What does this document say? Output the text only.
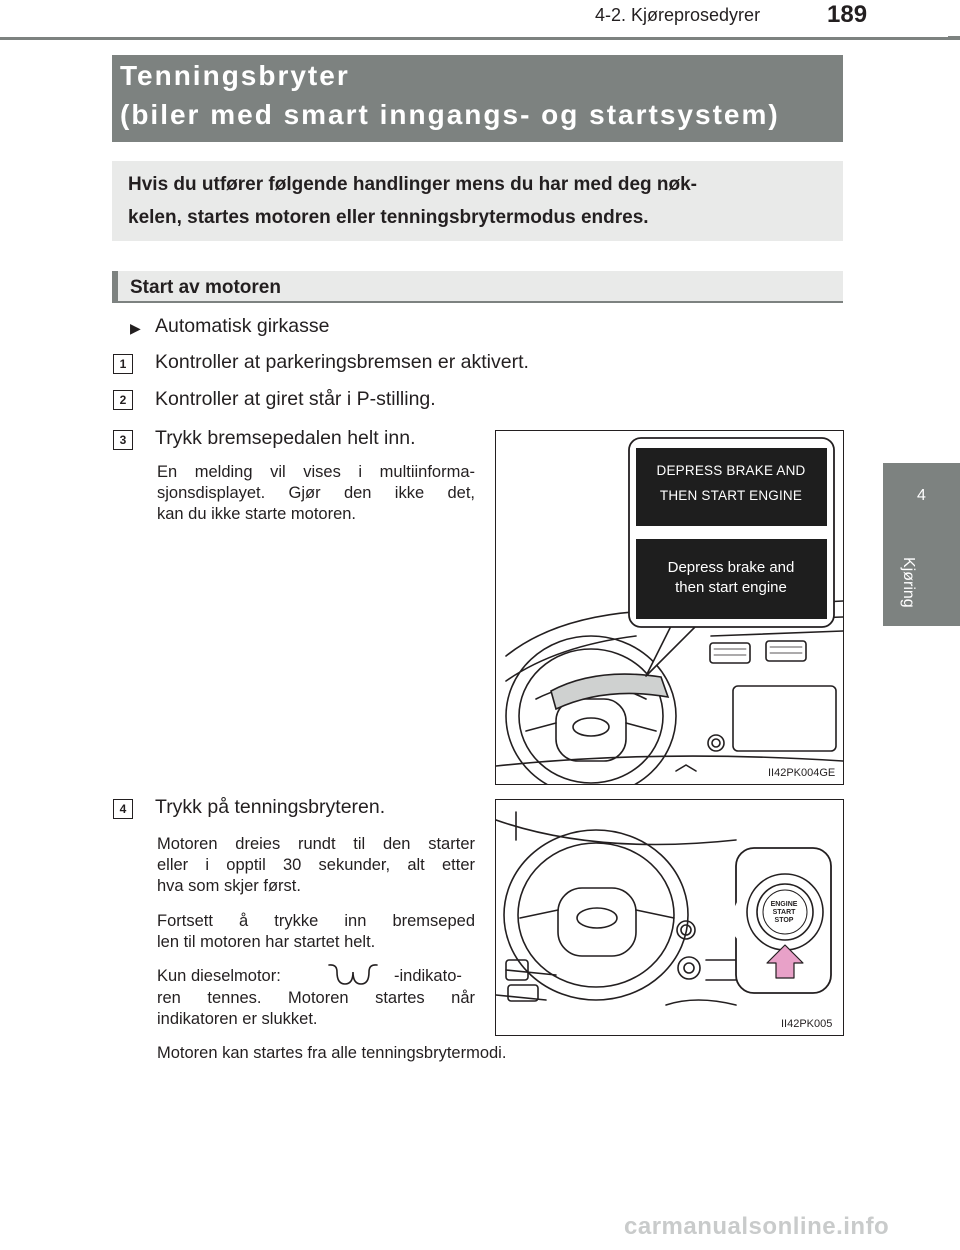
4-2. Kjøreprosedyrer	189
4
Kjøring
Tenningsbryter
(biler med smart inngangs- og startsystem)
Hvis du utfører følgende handlinger mens du har med deg nøk-
kelen, startes motoren eller tenningsbrytermodus endres.
Start av motoren
▶ Automatisk girkasse
1	Kontroller at parkeringsbremsen er aktivert.
2	Kontroller at giret står i P-stilling.
3	Trykk bremsepedalen helt inn.
En melding vil vises i multiinforma-
sjonsdisplayet. Gjør den ikke det,
kan du ikke starte motoren.
DEPRESS BRAKE AND
THEN START ENGINE
Depress brake and
then start engine
II42PK004GE
4	Trykk på tenningsbryteren.
Motoren dreies rundt til den starter
eller i opptil 30 sekunder, alt etter
hva som skjer først.
Fortsett å trykke inn bremseped
len til motoren har startet helt.
Kun dieselmotor:	-indikato-
ren tennes. Motoren startes når
indikatoren er slukket.
Motoren kan startes fra alle tenningsbrytermodi.
ENGINE
START
STOP
II42PK005
carmanualsonline.info
